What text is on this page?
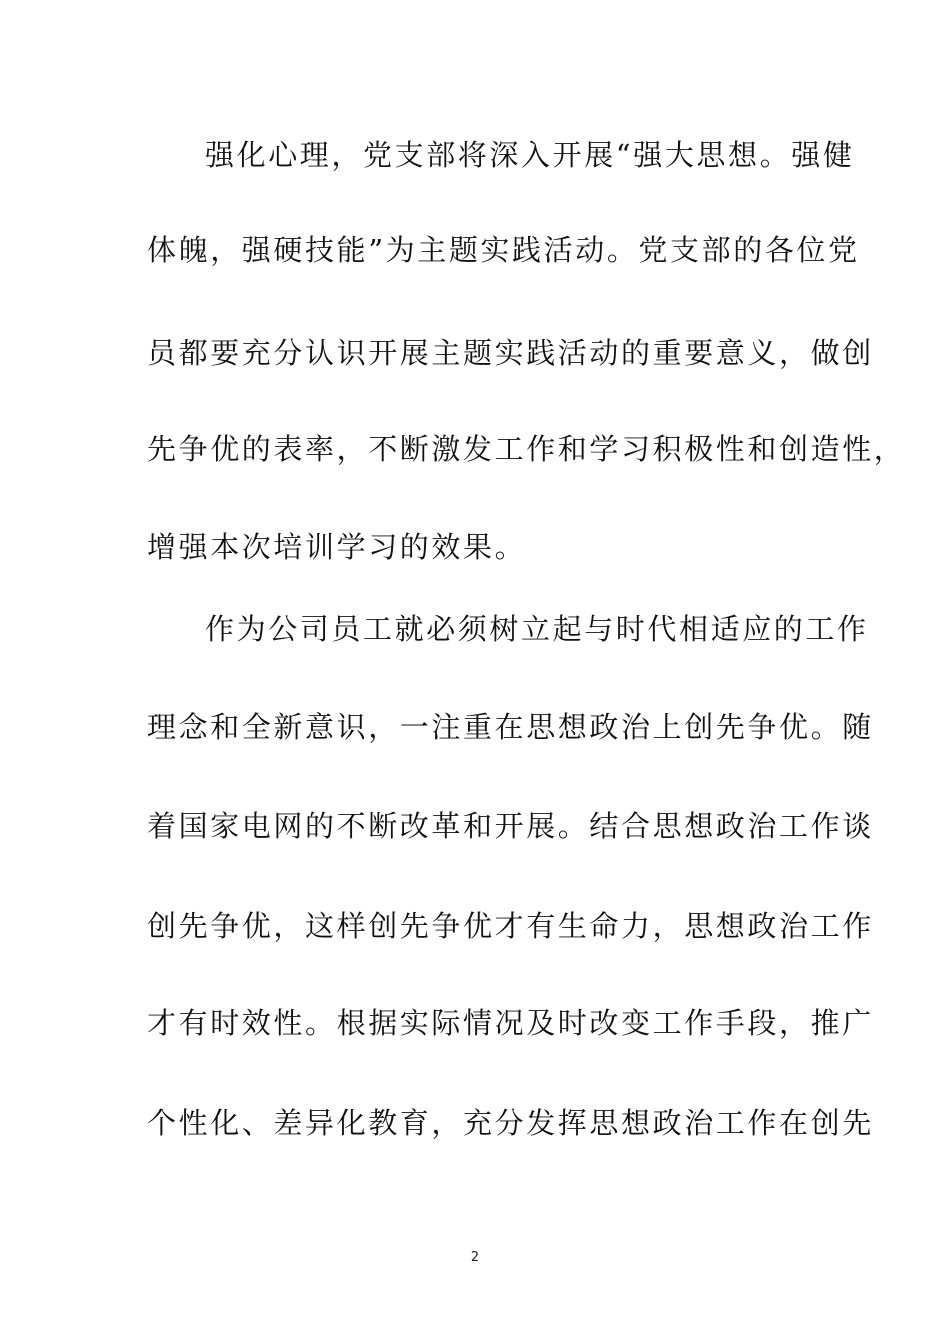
强化心理，党支部将深入开展“强大思想。强健
体魄，强硬技能”为主题实践活动。党支部的各位党
员都要充分认识开展主题实践活动的重要意义，做创
先争优的表率，不断激发工作和学习积极性和创造性，
增强本次培训学习的效果。
作为公司员工就必须树立起与时代相适应的工作
理念和全新意识，一注重在思想政治上创先争优。随
着国家电网的不断改革和开展。结合思想政治工作谈
创先争优，这样创先争优才有生命力，思想政治工作
才有时效性。根据实际情况及时改变工作手段，推广
个性化、差异化教育，充分发挥思想政治工作在创先
2
